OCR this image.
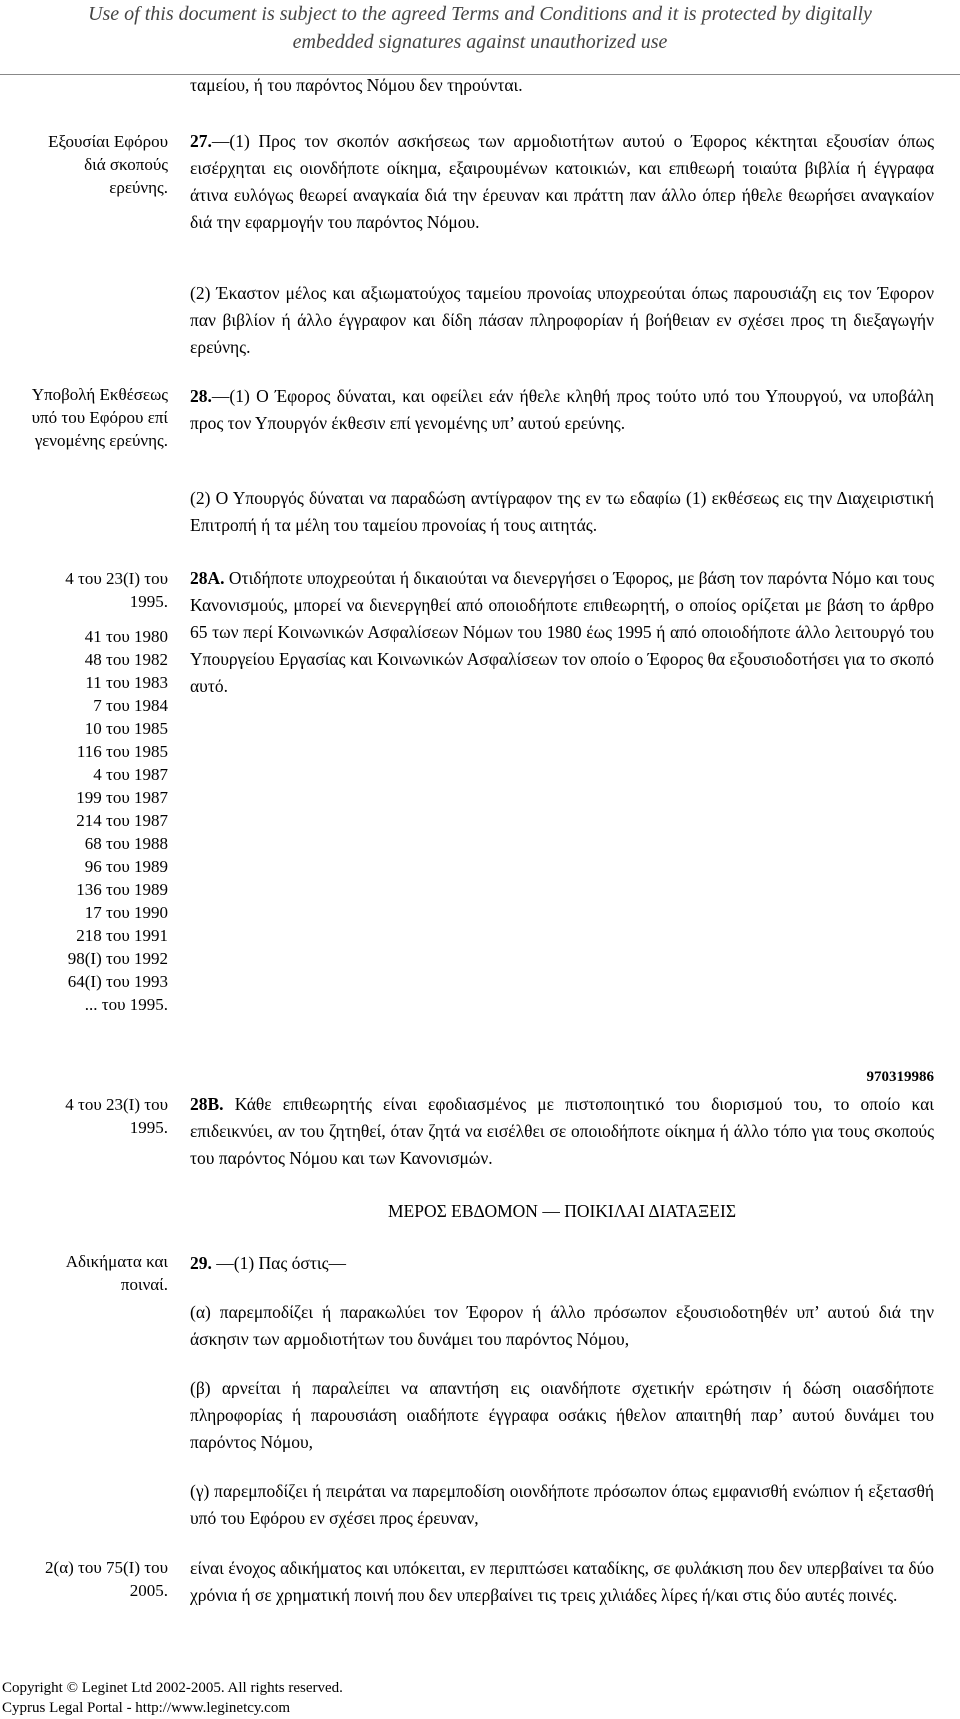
Use of this document is subject to the agreed Terms and Conditions and it is protected by digitally
embedded signatures against unauthorized use
ταμείου, ή του παρόντος Νόμου δεν τηρούνται.
Εξουσίαι Εφόρου
διά σκοπούς
ερεύνης.
27.—(1) Προς τον σκοπόν ασκήσεως των αρμοδιοτήτων αυτού ο Έφορος κέκτηται εξουσίαν όπως εισέρχηται εις οιονδήποτε οίκημα, εξαιρουμένων κατοικιών, και επιθεωρή τοιαύτα βιβλία ή έγγραφα άτινα ευλόγως θεωρεί αναγκαία διά την έρευναν και πράττη παν άλλο όπερ ήθελε θεωρήσει αναγκαίον διά την εφαρμογήν του παρόντος Νόμου.
(2) Έκαστον μέλος και αξιωματούχος ταμείου προνοίας υποχρεούται όπως παρουσιάζη εις τον Έφορον παν βιβλίον ή άλλο έγγραφον και δίδη πάσαν πληροφορίαν ή βοήθειαν εν σχέσει προς τη διεξαγωγήν ερεύνης.
Υποβολή Εκθέσεως
υπό του Εφόρου επί
γενομένης ερεύνης.
28.—(1) Ο Έφορος δύναται, και οφείλει εάν ήθελε κληθή προς τούτο υπό του Υπουργού, να υποβάλη προς τον Υπουργόν έκθεσιν επί γενομένης υπ’ αυτού ερεύνης.
(2) Ο Υπουργός δύναται να παραδώση αντίγραφον της εν τω εδαφίω (1) εκθέσεως εις την Διαχειριστική Επιτροπή ή τα μέλη του ταμείου προνοίας ή τους αιτητάς.
4 του 23(Ι) του
1995.
41 του 1980
48 του 1982
11 του 1983
7 του 1984
10 του 1985
116 του 1985
4 του 1987
199 του 1987
214 του 1987
68 του 1988
96 του 1989
136 του 1989
17 του 1990
218 του 1991
98(Ι) του 1992
64(Ι) του 1993
... του 1995.
28Α. Οτιδήποτε υποχρεούται ή δικαιούται να διενεργήσει ο Έφορος, με βάση τον παρόντα Νόμο και τους Κανονισμούς, μπορεί να διενεργηθεί από οποιοδήποτε επιθεωρητή, ο οποίος ορίζεται με βάση το άρθρο 65 των περί Κοινωνικών Ασφαλίσεων Νόμων του 1980 έως 1995 ή από οποιοδήποτε άλλο λειτουργό του Υπουργείου Εργασίας και Κοινωνικών Ασφαλίσεων τον οποίο ο Έφορος θα εξουσιοδοτήσει για το σκοπό αυτό.
970319986
4 του 23(Ι) του
1995.
28Β. Κάθε επιθεωρητής είναι εφοδιασμένος με πιστοποιητικό του διορισμού του, το οποίο και επιδεικνύει, αν του ζητηθεί, όταν ζητά να εισέλθει σε οποιοδήποτε οίκημα ή άλλο τόπο για τους σκοπούς του παρόντος Νόμου και των Κανονισμών.
ΜΕΡΟΣ ΕΒΔΟΜΟΝ — ΠΟΙΚΙΛΑΙ ΔΙΑΤΑΞΕΙΣ
Αδικήματα και
ποιναί.
29. —(1) Πας όστις—
(α) παρεμποδίζει ή παρακωλύει τον Έφορον ή άλλο πρόσωπον εξουσιοδοτηθέν υπ’ αυτού διά την άσκησιν των αρμοδιοτήτων του δυνάμει του παρόντος Νόμου,
(β) αρνείται ή παραλείπει να απαντήση εις οιανδήποτε σχετικήν ερώτησιν ή δώση οιασδήποτε πληροφορίας ή παρουσιάση οιαδήποτε έγγραφα οσάκις ήθελον απαιτηθή παρ’ αυτού δυνάμει του παρόντος Νόμου,
(γ) παρεμποδίζει ή πειράται να παρεμποδίση οιονδήποτε πρόσωπον όπως εμφανισθή ενώπιον ή εξετασθή υπό του Εφόρου εν σχέσει προς έρευναν,
2(α) του 75(Ι) του
2005.
είναι ένοχος αδικήματος και υπόκειται, εν περιπτώσει καταδίκης, σε φυλάκιση που δεν υπερβαίνει τα δύο χρόνια ή σε χρηματική ποινή που δεν υπερβαίνει τις τρεις χιλιάδες λίρες ή/και στις δύο αυτές ποινές.
Copyright © Leginet Ltd 2002-2005. All rights reserved.
Cyprus Legal Portal - http://www.leginetcy.com
